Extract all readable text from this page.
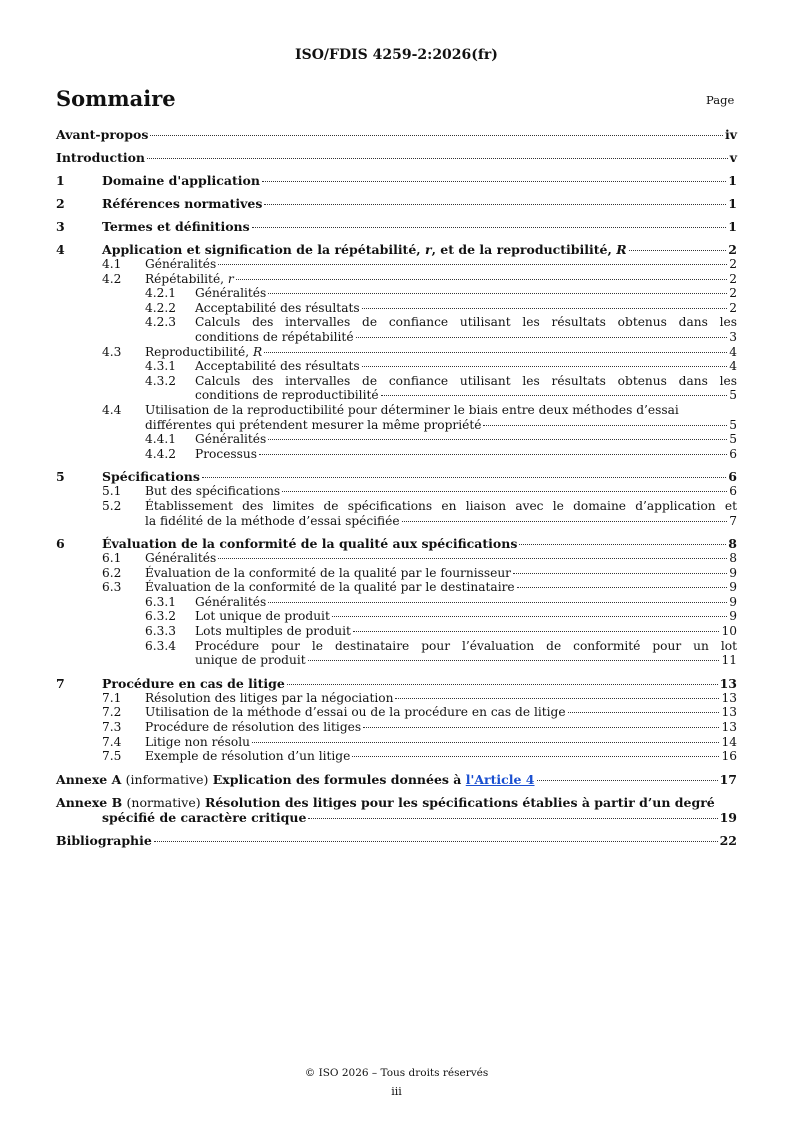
ISO/FDIS 4259-2:2026(fr)
Sommaire	Page
Avant-propos	iv
Introduction	v
1	Domaine d'application	1
2	Références normatives	1
3	Termes et définitions	1
4	Application et signification de la répétabilité, r, et de la reproductibilité, R	2
4.1	Généralités	2
4.2	Répétabilité, r	2
4.2.1	Généralités	2
4.2.2	Acceptabilité des résultats	2
4.2.3	Calculs des intervalles de confiance utilisant les résultats obtenus dans les
conditions de répétabilité	3
4.3	Reproductibilité, R	4
4.3.1	Acceptabilité des résultats	4
4.3.2	Calculs des intervalles de confiance utilisant les résultats obtenus dans les
conditions de reproductibilité	5
4.4	Utilisation de la reproductibilité pour déterminer le biais entre deux méthodes d’essai
différentes qui prétendent mesurer la même propriété	5
4.4.1	Généralités	5
4.4.2	Processus	6
5	Spécifications	6
5.1	But des spécifications	6
5.2	Établissement des limites de spécifications en liaison avec le domaine d’application et
la fidélité de la méthode d’essai spécifiée	7
6	Évaluation de la conformité de la qualité aux spécifications	8
6.1	Généralités	8
6.2	Évaluation de la conformité de la qualité par le fournisseur	9
6.3	Évaluation de la conformité de la qualité par le destinataire	9
6.3.1	Généralités	9
6.3.2	Lot unique de produit	9
6.3.3	Lots multiples de produit	10
6.3.4	Procédure pour le destinataire pour l’évaluation de conformité pour un lot
unique de produit	11
7	Procédure en cas de litige	13
7.1	Résolution des litiges par la négociation	13
7.2	Utilisation de la méthode d’essai ou de la procédure en cas de litige	13
7.3	Procédure de résolution des litiges	13
7.4	Litige non résolu	14
7.5	Exemple de résolution d’un litige	16
Annexe A (informative) Explication des formules données à l'Article 4	17
Annexe B (normative) Résolution des litiges pour les spécifications établies à partir d’un degré
spécifié de caractère critique	19
Bibliographie	22
© ISO 2026 – Tous droits réservés
iii
